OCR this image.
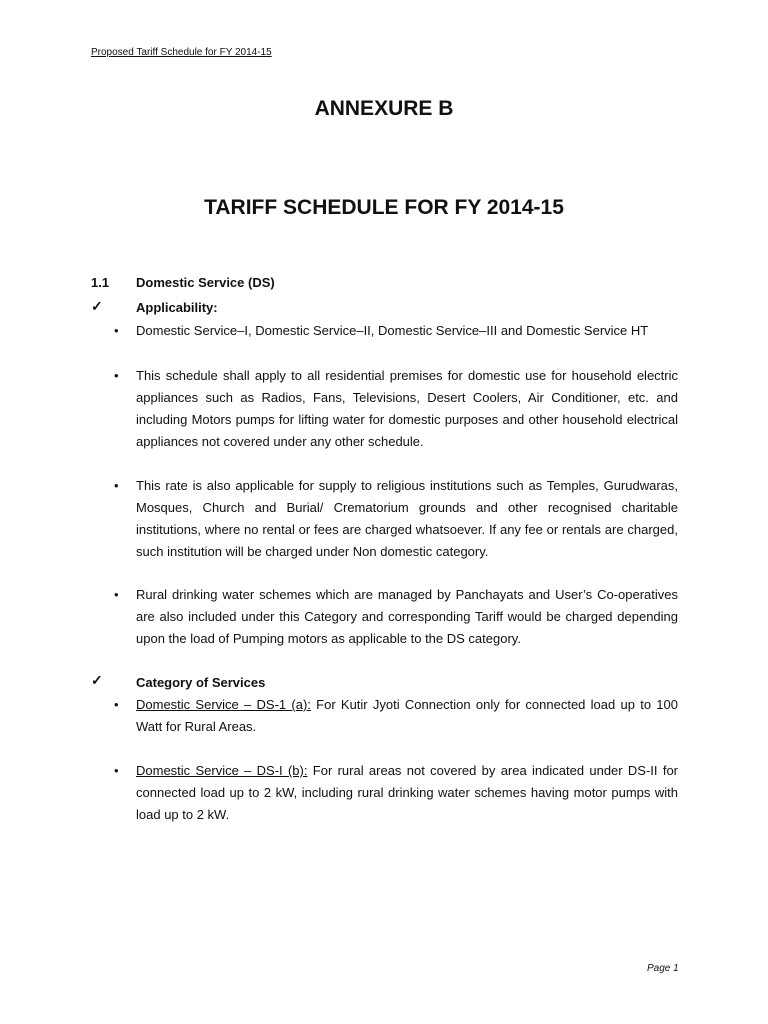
Proposed Tariff Schedule for FY 2014-15
ANNEXURE B
TARIFF SCHEDULE FOR FY 2014-15
1.1 Domestic Service (DS)
✓	Applicability:
• Domestic Service–I, Domestic Service–II, Domestic Service–III and Domestic Service HT
• This schedule shall apply to all residential premises for domestic use for household electric appliances such as Radios, Fans, Televisions, Desert Coolers, Air Conditioner, etc. and including Motors pumps for lifting water for domestic purposes and other household electrical appliances not covered under any other schedule.
• This rate is also applicable for supply to religious institutions such as Temples, Gurudwaras, Mosques, Church and Burial/ Crematorium grounds and other recognised charitable institutions, where no rental or fees are charged whatsoever. If any fee or rentals are charged, such institution will be charged under Non domestic category.
• Rural drinking water schemes which are managed by Panchayats and User’s Co-operatives are also included under this Category and corresponding Tariff would be charged depending upon the load of Pumping motors as applicable to the DS category.
✓	Category of Services
• Domestic Service – DS-1 (a): For Kutir Jyoti Connection only for connected load up to 100 Watt for Rural Areas.
• Domestic Service – DS-I (b): For rural areas not covered by area indicated under DS-II for connected load up to 2 kW, including rural drinking water schemes having motor pumps with load up to 2 kW.
Page 1
